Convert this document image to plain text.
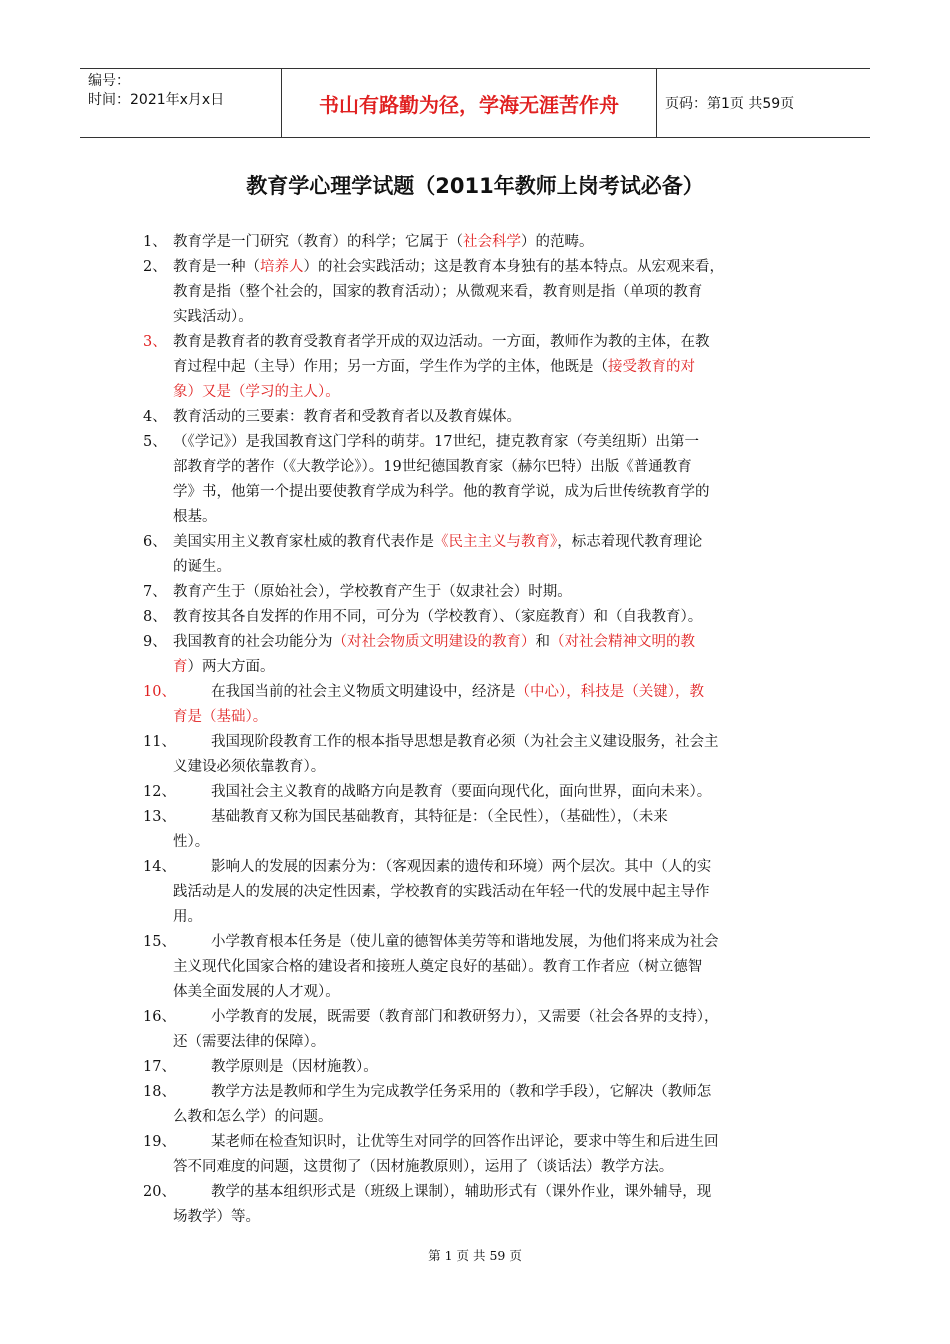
编号：
时间：2021年x月x日	书山有路勤为径，学海无涯苦作舟	页码：第1页 共59页
教育学心理学试题（2011年教师上岗考试必备）
1、 教育学是一门研究（教育）的科学；它属于（社会科学）的范畴。
2、 教育是一种（培养人）的社会实践活动；这是教育本身独有的基本特点。从宏观来看，
教育是指（整个社会的，国家的教育活动）；从微观来看，教育则是指（单项的教育
实践活动）。
3、 教育是教育者的教育受教育者学开成的双边活动。一方面，教师作为教的主体，在教
育过程中起（主导）作用；另一方面，学生作为学的主体，他既是（接受教育的对
象）又是（学习的主人）。
4、 教育活动的三要素：教育者和受教育者以及教育媒体。
5、 （《学记》）是我国教育这门学科的萌芽。17世纪，捷克教育家（夸美纽斯）出第一
部教育学的著作（《大教学论》）。19世纪德国教育家（赫尔巴特）出版《普通教育
学》书，他第一个提出要使教育学成为科学。他的教育学说，成为后世传统教育学的
根基。
6、 美国实用主义教育家杜威的教育代表作是《民主主义与教育》，标志着现代教育理论
的诞生。
7、 教育产生于（原始社会），学校教育产生于（奴隶社会）时期。
8、 教育按其各自发挥的作用不同，可分为（学校教育）、（家庭教育）和（自我教育）。
9、 我国教育的社会功能分为（对社会物质文明建设的教育）和（对社会精神文明的教
育）两大方面。
10、	在我国当前的社会主义物质文明建设中，经济是（中心），科技是（关键），教
育是（基础）。
11、	我国现阶段教育工作的根本指导思想是教育必须（为社会主义建设服务，社会主
义建设必须依靠教育）。
12、	我国社会主义教育的战略方向是教育（要面向现代化，面向世界，面向未来）。
13、	基础教育又称为国民基础教育，其特征是：（全民性），（基础性），（未来
性）。
14、	影响人的发展的因素分为：（客观因素的遗传和环境）两个层次。其中（人的实
践活动是人的发展的决定性因素，学校教育的实践活动在年轻一代的发展中起主导作
用。
15、	小学教育根本任务是（使儿童的德智体美劳等和谐地发展，为他们将来成为社会
主义现代化国家合格的建设者和接班人奠定良好的基础）。教育工作者应（树立德智
体美全面发展的人才观）。
16、	小学教育的发展，既需要（教育部门和教研努力），又需要（社会各界的支持），
还（需要法律的保障）。
17、	教学原则是（因材施教）。
18、	教学方法是教师和学生为完成教学任务采用的（教和学手段），它解决（教师怎
么教和怎么学）的问题。
19、	某老师在检查知识时，让优等生对同学的回答作出评论，要求中等生和后进生回
答不同难度的问题，这贯彻了（因材施教原则），运用了（谈话法）教学方法。
20、	教学的基本组织形式是（班级上课制），辅助形式有（课外作业，课外辅导，现
场教学）等。
第 1 页 共 59 页
